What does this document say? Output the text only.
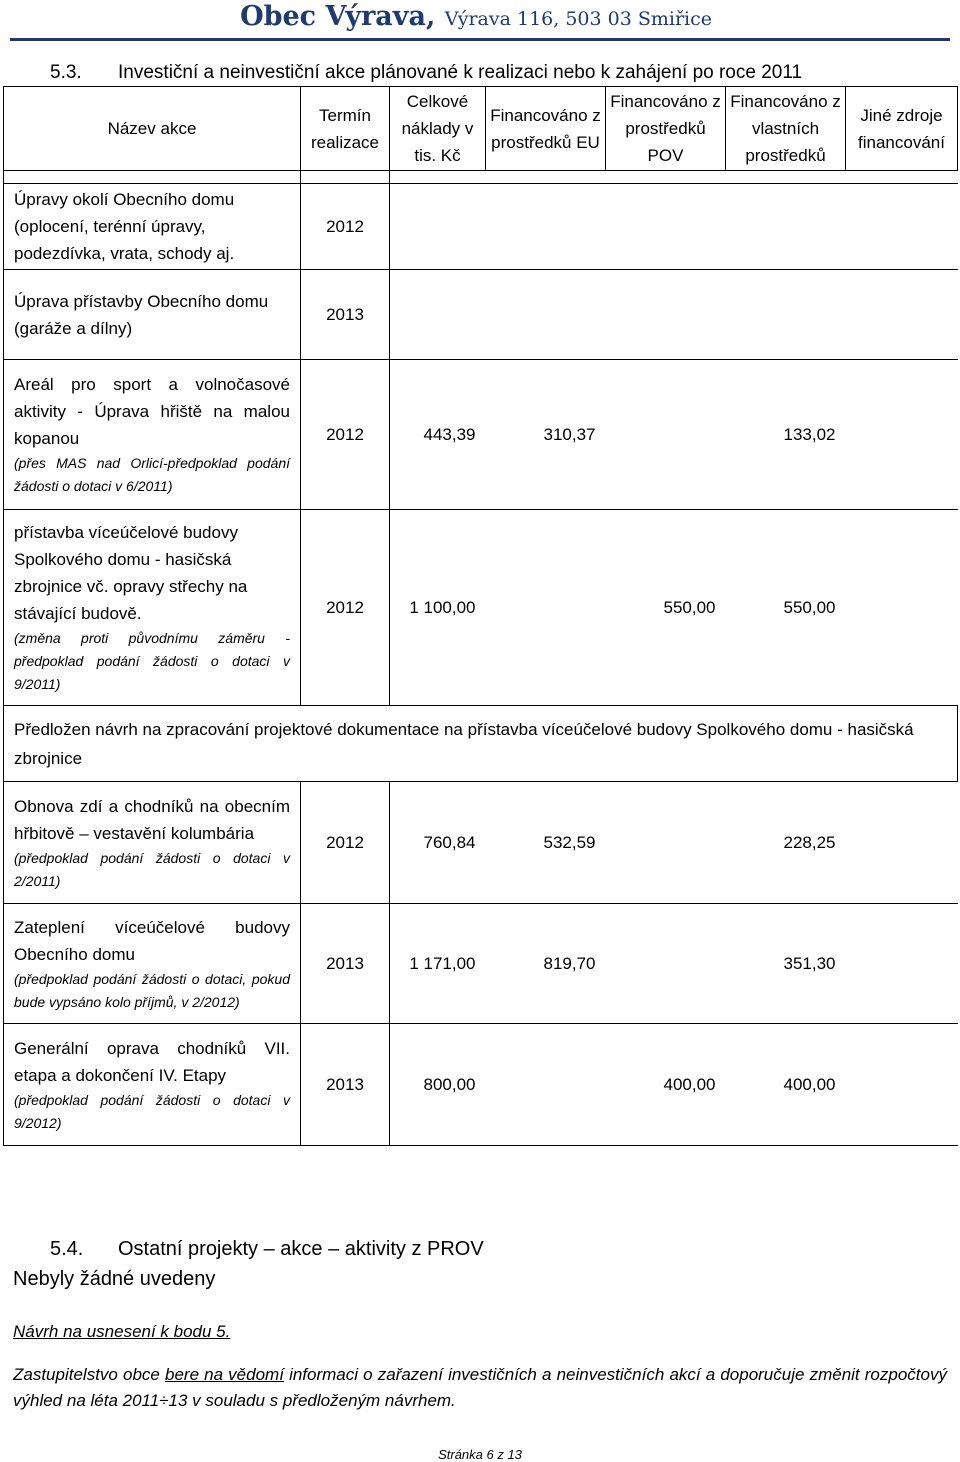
Obec Výrava, Výrava 116, 503 03 Smiřice
5.3. Investiční a neinvestiční akce plánované k realizaci nebo k zahájení po roce 2011
Název akce	Termín realizace	Celkové náklady v tis. Kč	Financováno z prostředků EU	Financováno z prostředků POV	Financováno z vlastních prostředků	Jiné zdroje financování

Úpravy okolí Obecního domu (oplocení, terénní úpravy, podezdívka, vrata, schody aj.	2012					
Úprava přístavby Obecního domu (garáže a dílny)	2013					
Areál pro sport a volnočasové aktivity - Úprava hřiště na malou kopanou
(přes MAS nad Orlicí-předpoklad podání žádosti o dotaci v 6/2011)	2012	443,39	310,37		133,02	
přístavba víceúčelové budovy Spolkového domu - hasičská zbrojnice vč. opravy střechy na stávající budově.
(změna proti původnímu záměru - předpoklad podání žádosti o dotaci v 9/2011)	2012	1 100,00		550,00	550,00	
Předložen návrh na zpracování projektové dokumentace na přístavba víceúčelové budovy Spolkového domu - hasičská zbrojnice						
Obnova zdí a chodníků na obecním hřbitově – vestavění kolumbária
(předpoklad podání žádosti o dotaci v 2/2011)	2012	760,84	532,59		228,25	
Zateplení víceúčelové budovy Obecního domu
(předpoklad podání žádosti o dotaci, pokud bude vypsáno kolo příjmů, v 2/2012)	2013	1 171,00	819,70		351,30	
Generální oprava chodníků VII. etapa a dokončení IV. Etapy
(předpoklad podání žádosti o dotaci v 9/2012)	2013	800,00		400,00	400,00	
5.4. Ostatní projekty – akce – aktivity z PROV
Nebyly žádné uvedeny
Návrh na usnesení k bodu 5.
Zastupitelstvo obce bere na vědomí informaci o zařazení investičních a neinvestičních akcí a doporučuje změnit rozpočtový výhled na léta 2011÷13 v souladu s předloženým návrhem.
Stránka 6 z 13
